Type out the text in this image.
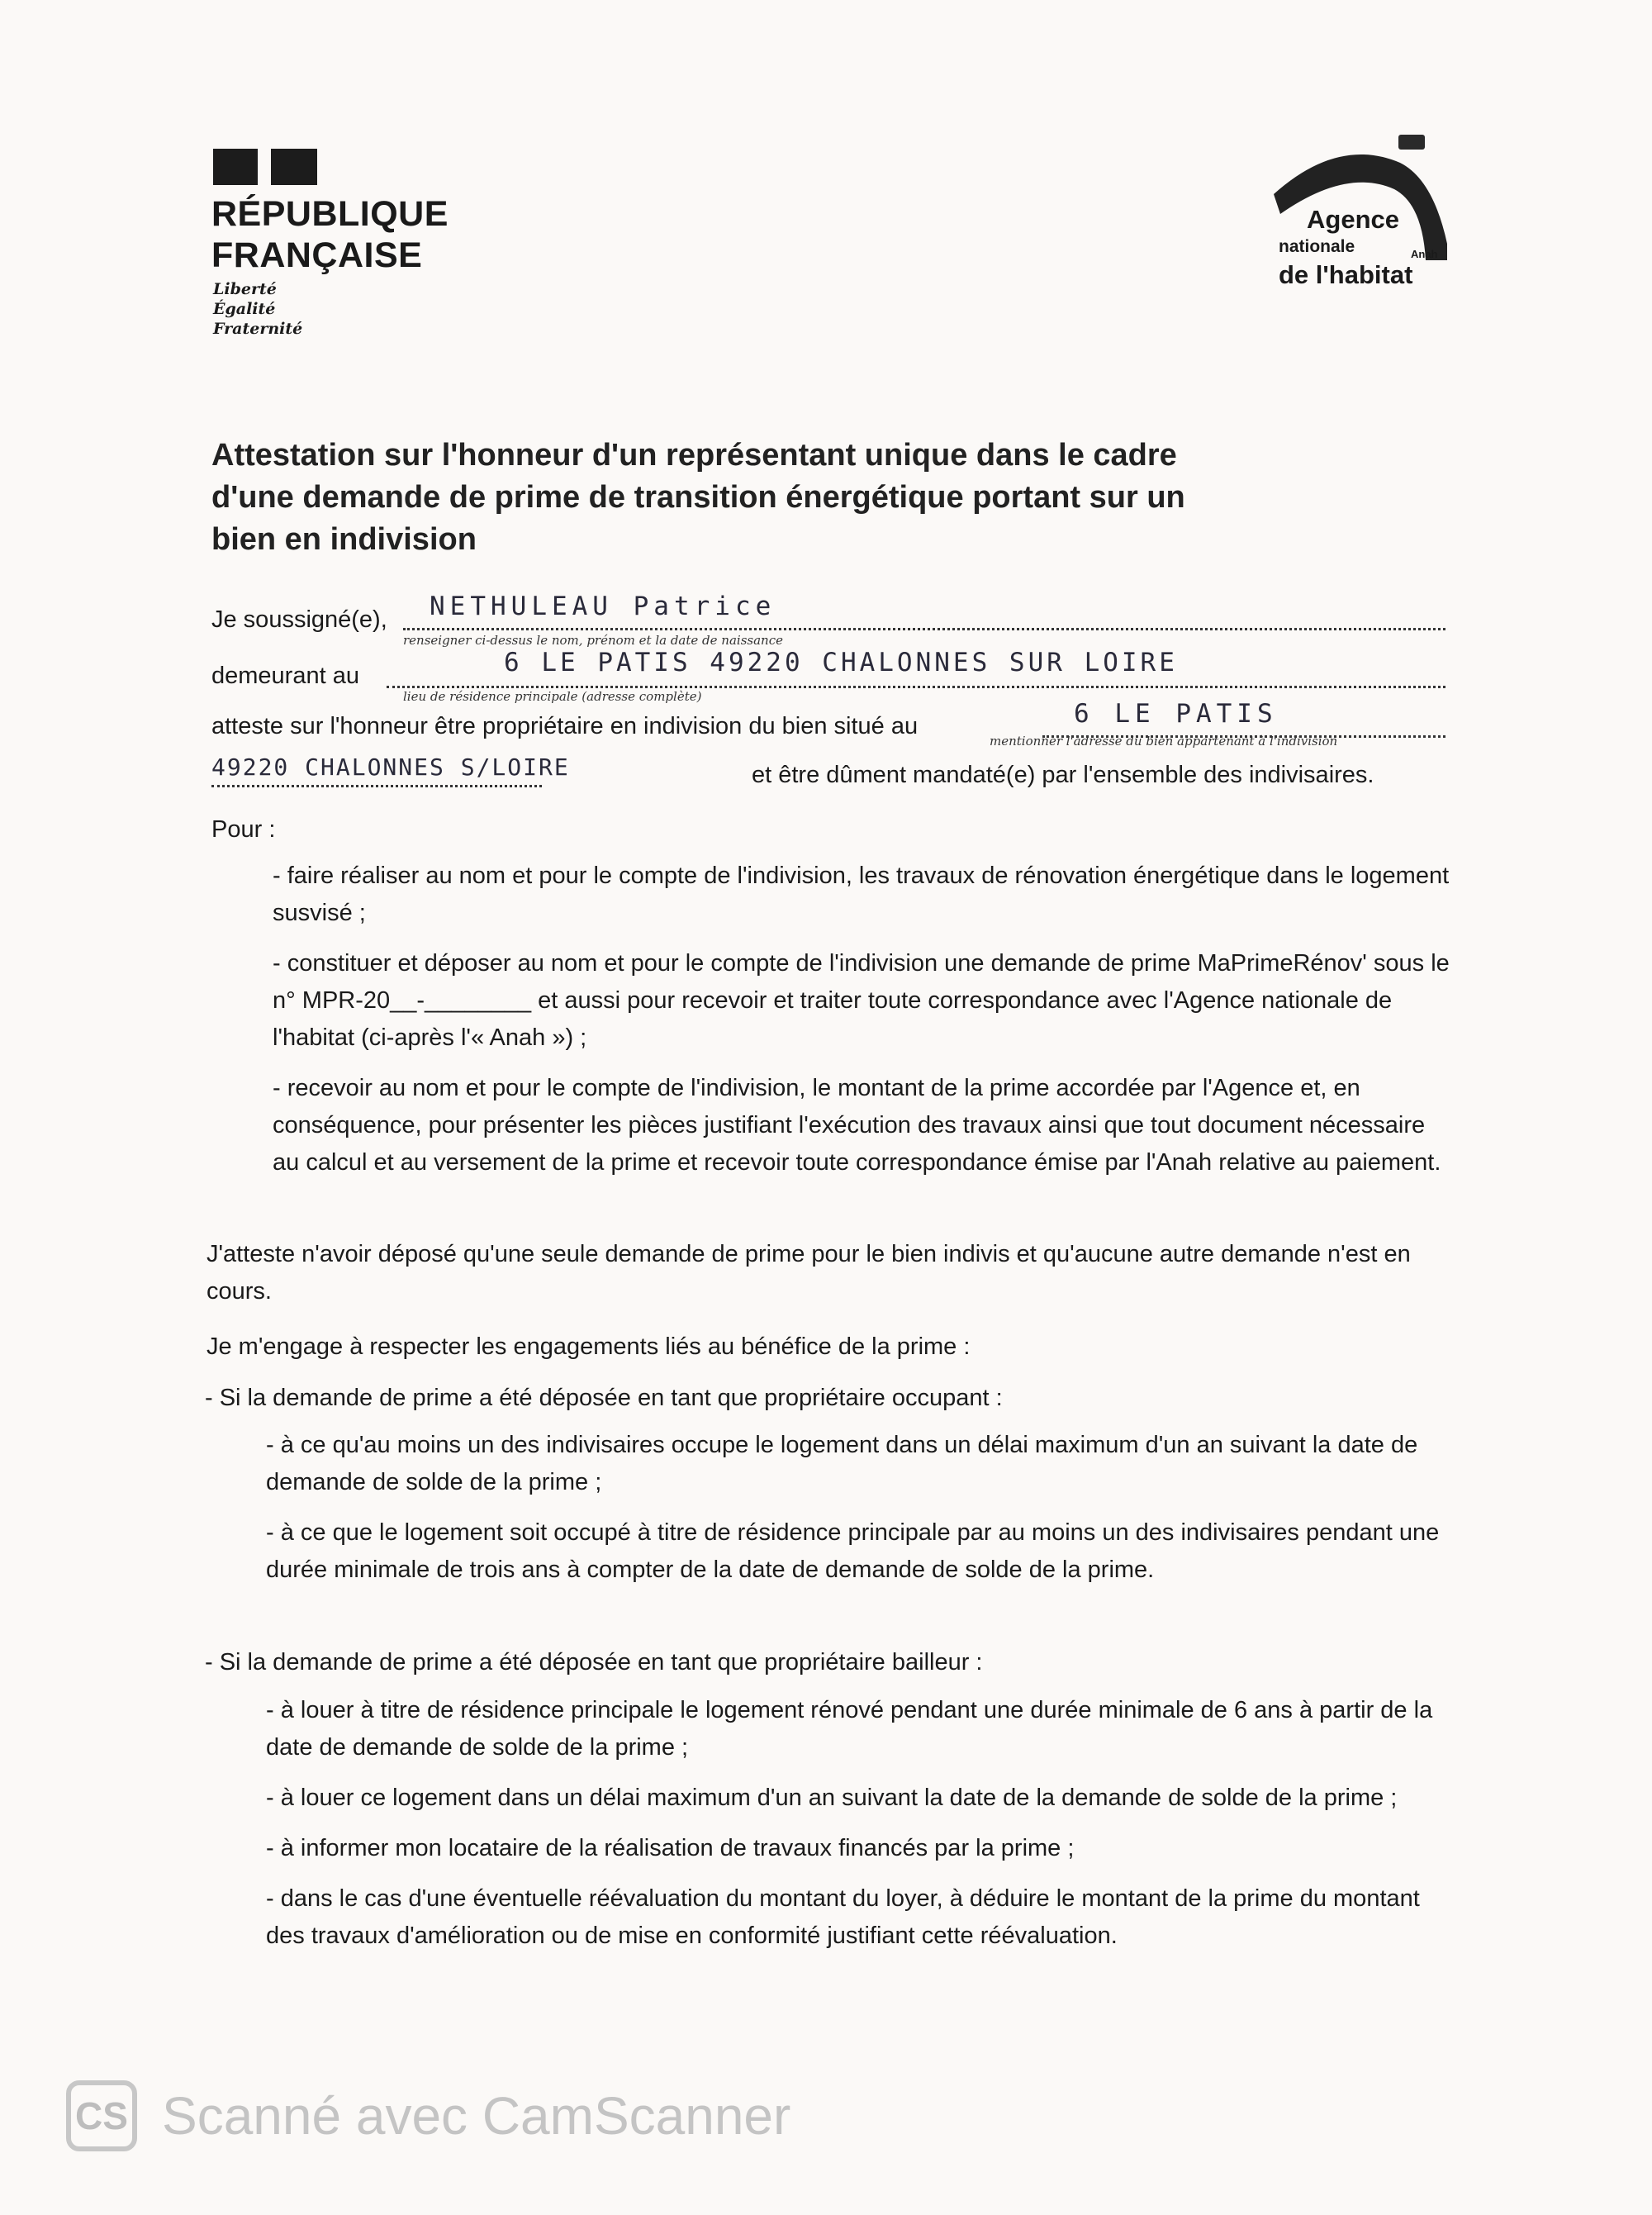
RÉPUBLIQUE
FRANÇAISE
Liberté
Égalité
Fraternité
Agence
nationale	Anah
de l'habitat
Attestation sur l'honneur d'un représentant unique dans le cadre d'une demande de prime de transition énergétique portant sur un bien en indivision
Je soussigné(e), NETHULEAU Patrice
renseigner ci-dessus le nom, prénom et la date de naissance
demeurant au	6 LE PATIS 49220 CHALONNES SUR LOIRE
lieu de résidence principale (adresse complète)
atteste sur l'honneur être propriétaire en indivision du bien situé au	6 LE PATIS
mentionner l'adresse du bien appartenant à l'indivision
49220 CHALONNES S/LOIRE	et être dûment mandaté(e) par l'ensemble des indivisaires.
Pour :

- faire réaliser au nom et pour le compte de l'indivision, les travaux de rénovation énergétique dans le logement susvisé ;

- constituer et déposer au nom et pour le compte de l'indivision une demande de prime MaPrimeRénov' sous le n° MPR-20__-________ et aussi pour recevoir et traiter toute correspondance avec l'Agence nationale de l'habitat (ci-après l'« Anah ») ;

- recevoir au nom et pour le compte de l'indivision, le montant de la prime accordée par l'Agence et, en conséquence, pour présenter les pièces justifiant l'exécution des travaux ainsi que tout document nécessaire au calcul et au versement de la prime et recevoir toute correspondance émise par l'Anah relative au paiement.

J'atteste n'avoir déposé qu'une seule demande de prime pour le bien indivis et qu'aucune autre demande n'est en cours.
Je m'engage à respecter les engagements liés au bénéfice de la prime :
- Si la demande de prime a été déposée en tant que propriétaire occupant :

- à ce qu'au moins un des indivisaires occupe le logement dans un délai maximum d'un an suivant la date de demande de solde de la prime ;

- à ce que le logement soit occupé à titre de résidence principale par au moins un des indivisaires pendant une durée minimale de trois ans à compter de la date de demande de solde de la prime.

- Si la demande de prime a été déposée en tant que propriétaire bailleur :

- à louer à titre de résidence principale le logement rénové pendant une durée minimale de 6 ans à partir de la date de demande de solde de la prime ;

- à louer ce logement dans un délai maximum d'un an suivant la date de la demande de solde de la prime ;

- à informer mon locataire de la réalisation de travaux financés par la prime ;

- dans le cas d'une éventuelle réévaluation du montant du loyer, à déduire le montant de la prime du montant des travaux d'amélioration ou de mise en conformité justifiant cette réévaluation.

CS Scanné avec CamScanner
